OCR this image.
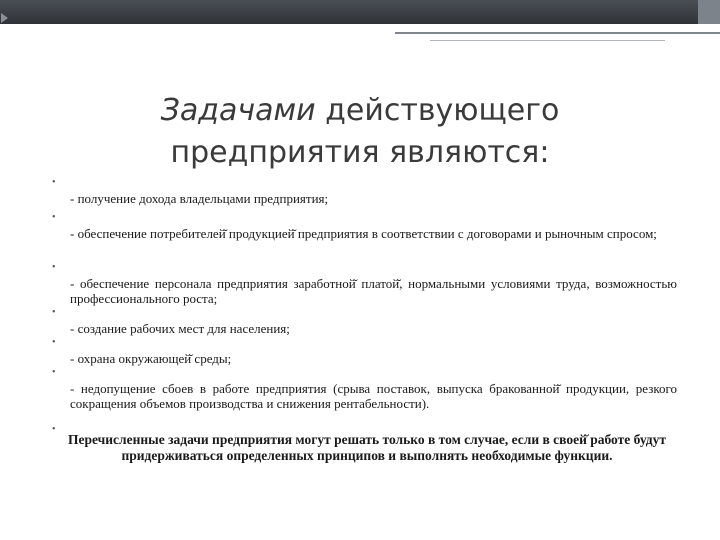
Задачами действующего
предприятия являются:
•
- получение дохода владельцами предприятия;
•
- обеспечение потребителей̆ продукцией̆ предприятия в соответствии с договорами и рыночным спросом;
•
- обеспечение персонала предприятия заработной̆ платой̆, нормальными условиями труда, возможностью профессионального роста;
•
- создание рабочих мест для населения;
•
- охрана окружающей̆ среды;
•
- недопущение сбоев в работе предприятия (срыва поставок, выпуска бракованной̆ продукции, резкого сокращения объемов производства и снижения рентабельности).
•
Перечисленные задачи предприятия могут решать только в том случае, если в своей̆ работе будут придерживаться определенных принципов и выполнять необходимые функции.
